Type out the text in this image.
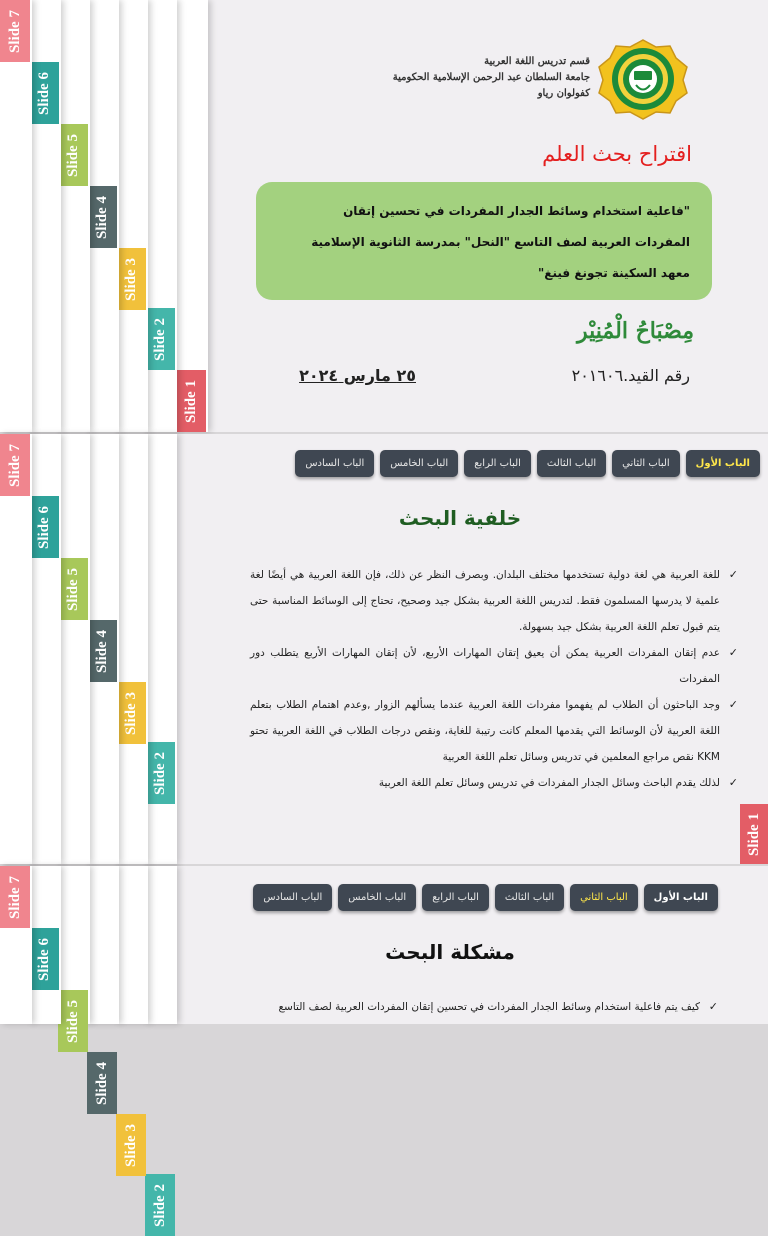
Slide 1
Slide 2
Slide 3
Slide 4
Slide 5
Slide 6
Slide 7
قسم تدريس اللغة العربية
جامعة السلطان عبد الرحمن الإسلامية الحكومية
كفولوان رياو
اقتراح بحث العلم
"فاعلية استخدام وسائط الجدار المفردات في تحسين إتقان
المفردات العربية لصف التاسع "النحل" بمدرسة الثانوية الإسلامية
معهد السكينة تجونغ فينغ"
مِصْبَاحُ الْمُنِيْر
رقم القيد.٢٠١٦٠٦
٢٥ مارس ٢٠٢٤
Slide 2
Slide 3
Slide 4
Slide 5
Slide 6
Slide 7	الباب الأول
الباب الثاني
الباب الثالث
الباب الرابع
الباب الخامس
الباب السادس
خلفية البحث
✓
للغة العربية هي لغة دولية تستخدمها مختلف البلدان. وبصرف النظر عن ذلك، فإن اللغة العربية هي أيضًا لغة علمية لا يدرسها المسلمون فقط. لتدريس اللغة العربية بشكل جيد وصحيح، تحتاج إلى الوسائط المناسبة حتى يتم قبول تعلم اللغة العربية بشكل جيد بسهولة.
✓
عدم إتقان المفردات العربية يمكن أن يعيق إتقان المهارات الأربع، لأن إتقان المهارات الأربع يتطلب دور المفردات
✓
وجد الباحثون أن الطلاب لم يفهموا مفردات اللغة العربية عندما يسألهم الزوار ,وعدم اهتمام الطلاب بتعلم اللغة العربية لأن الوسائط التي يقدمها المعلم كانت رتيبة للغاية، ونقص درجات الطلاب في اللغة العربية تحتو KKM نقص مراجع المعلمين في تدريس وسائل تعلم اللغة العربية
✓
لذلك يقدم الباحث وسائل الجدار المفردات في تدريس وسائل تعلم اللغة العربية
Slide 1
Slide 2
Slide 3
Slide 4
Slide 5
Slide 6
Slide 7	الباب الأول
الباب الثاني
الباب الثالث
الباب الرابع
الباب الخامس
الباب السادس
مشكلة البحث
✓
كيف يتم فاعلية استخدام وسائط الجدار المفردات في تحسين إتقان المفردات العربية لصف التاسع
